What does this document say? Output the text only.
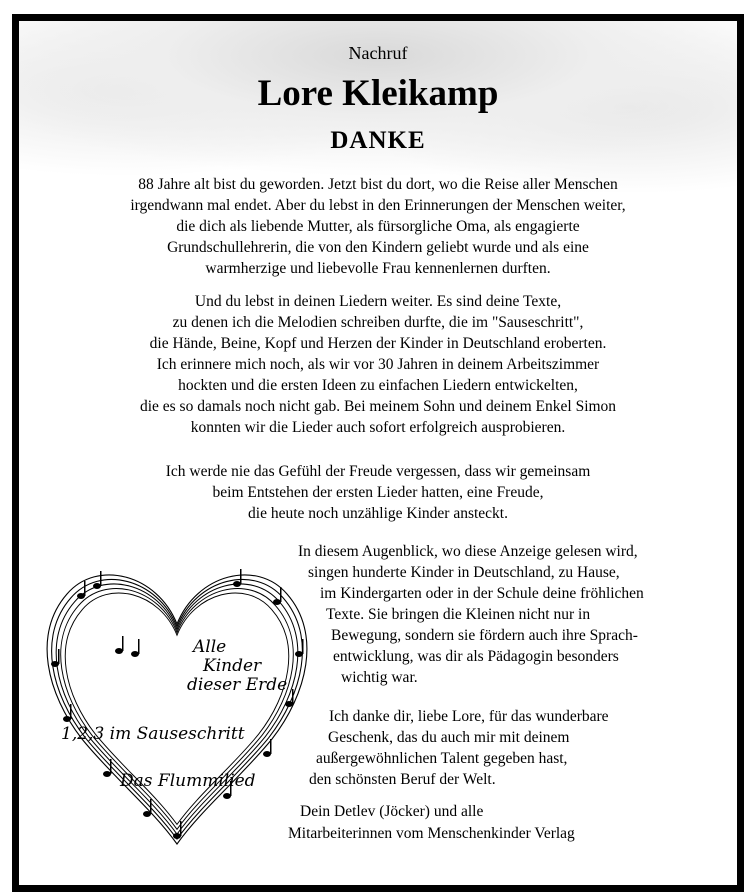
Nachruf
Lore Kleikamp
DANKE

88 Jahre alt bist du geworden. Jetzt bist du dort, wo die Reise aller Menschen

irgendwann mal endet. Aber du lebst in den Erinnerungen der Menschen weiter,

die dich als liebende Mutter, als fürsorgliche Oma, als engagierte

Grundschullehrerin, die von den Kindern geliebt wurde und als eine

warmherzige und liebevolle Frau kennenlernen durften.

Und du lebst in deinen Liedern weiter. Es sind deine Texte,

zu denen ich die Melodien schreiben durfte, die im "Sauseschritt",

die Hände, Beine, Kopf und Herzen der Kinder in Deutschland eroberten.

Ich erinnere mich noch, als wir vor 30 Jahren in deinem Arbeitszimmer

hockten und die ersten Ideen zu einfachen Liedern entwickelten,

die es so damals noch nicht gab. Bei meinem Sohn und deinem Enkel Simon

konnten wir die Lieder auch sofort erfolgreich ausprobieren.

Ich werde nie das Gefühl der Freude vergessen, dass wir gemeinsam

beim Entstehen der ersten Lieder hatten, eine Freude,

die heute noch unzählige Kinder ansteckt.

In diesem Augenblick, wo diese Anzeige gelesen wird,

singen hunderte Kinder in Deutschland, zu Hause,

im Kindergarten oder in der Schule deine fröhlichen

Texte. Sie bringen die Kleinen nicht nur in

Bewegung, sondern sie fördern auch ihre Sprach-

entwicklung, was dir als Pädagogin besonders

wichtig war.

Ich danke dir, liebe Lore, für das wunderbare

Geschenk, das du auch mir mit deinem

außergewöhnlichen Talent gegeben hast,

den schönsten Beruf der Welt.

Dein Detlev (Jöcker) und alle

Mitarbeiterinnen vom Menschenkinder Verlag

Alle
Kinder
dieser Erde
1,2,3 im Sauseschritt
Das Flummilied
